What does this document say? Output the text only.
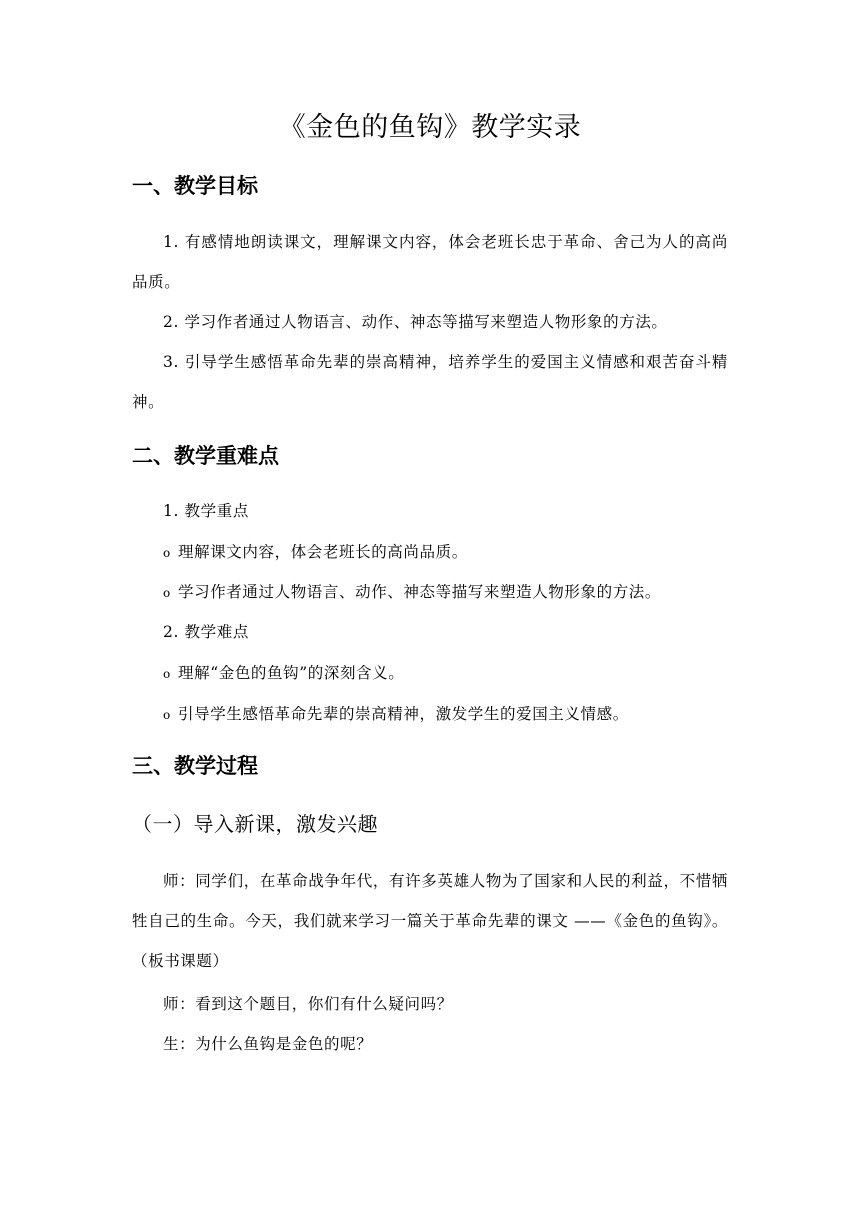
《金色的鱼钩》教学实录
一、教学目标
1. 有感情地朗读课文，理解课文内容，体会老班长忠于革命、舍己为人的高尚品质。
2. 学习作者通过人物语言、动作、神态等描写来塑造人物形象的方法。
3. 引导学生感悟革命先辈的崇高精神，培养学生的爱国主义情感和艰苦奋斗精神。
二、教学重难点
1. 教学重点
o 理解课文内容，体会老班长的高尚品质。
o 学习作者通过人物语言、动作、神态等描写来塑造人物形象的方法。
2. 教学难点
o 理解“金色的鱼钩”的深刻含义。
o 引导学生感悟革命先辈的崇高精神，激发学生的爱国主义情感。
三、教学过程
（一）导入新课，激发兴趣
师：同学们，在革命战争年代，有许多英雄人物为了国家和人民的利益，不惜牺牲自己的生命。今天，我们就来学习一篇关于革命先辈的课文 ——《金色的鱼钩》。（板书课题）
师：看到这个题目，你们有什么疑问吗？
生：为什么鱼钩是金色的呢？
